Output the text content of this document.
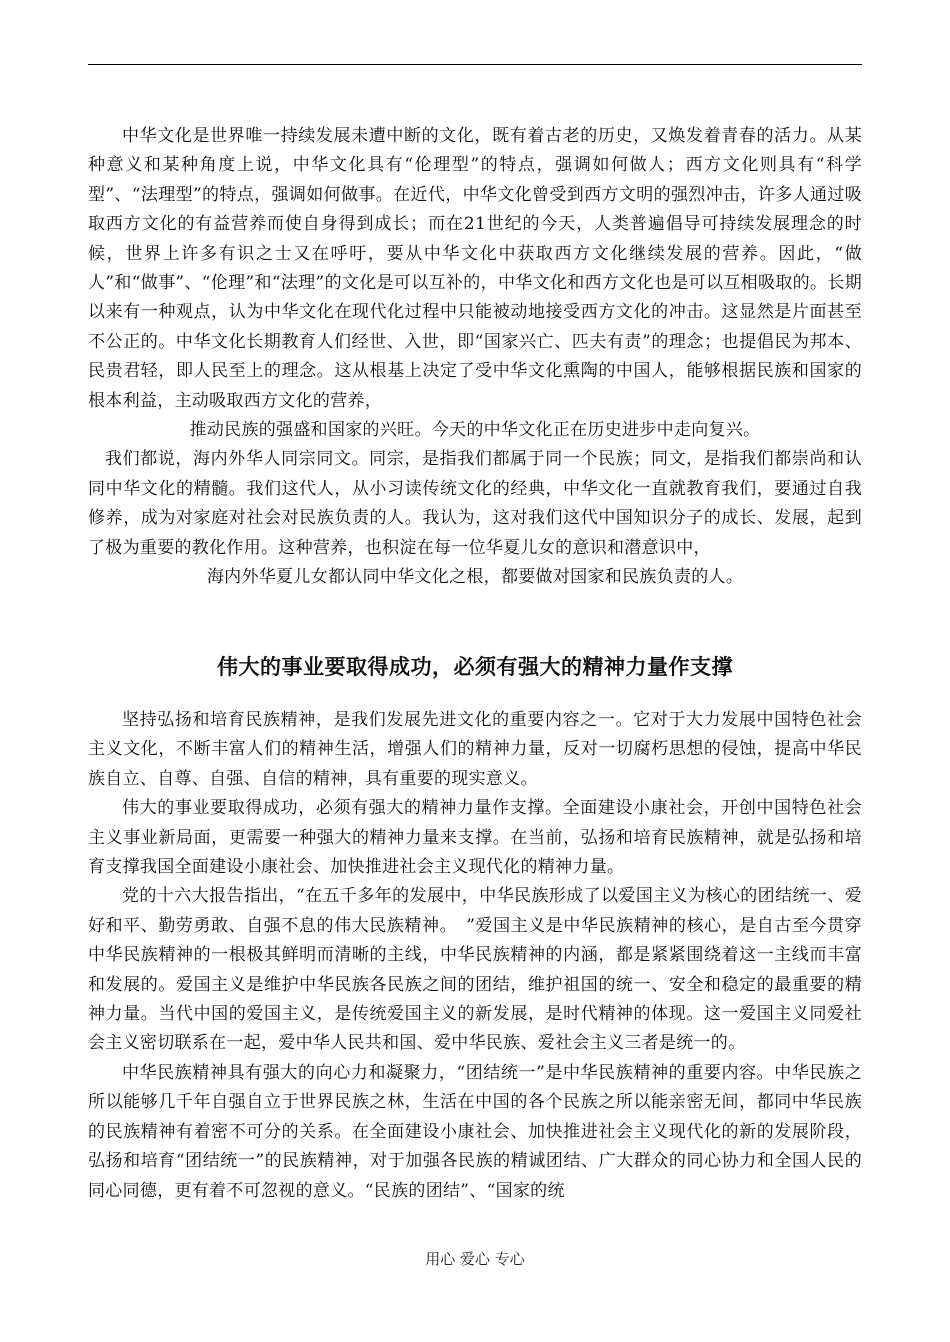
中华文化是世界唯一持续发展未遭中断的文化，既有着古老的历史，又焕发着青春的活力。从某种意义和某种角度上说，中华文化具有“伦理型”的特点，强调如何做人；西方文化则具有“科学型”、“法理型”的特点，强调如何做事。在近代，中华文化曾受到西方文明的强烈冲击，许多人通过吸取西方文化的有益营养而使自身得到成长；而在21世纪的今天，人类普遍倡导可持续发展理念的时候，世界上许多有识之士又在呼吁，要从中华文化中获取西方文化继续发展的营养。因此，“做人”和“做事”、“伦理”和“法理”的文化是可以互补的，中华文化和西方文化也是可以互相吸取的。长期以来有一种观点，认为中华文化在现代化过程中只能被动地接受西方文化的冲击。这显然是片面甚至不公正的。中华文化长期教育人们经世、入世，即“国家兴亡、匹夫有责”的理念；也提倡民为邦本、民贵君轻，即人民至上的理念。这从根基上决定了受中华文化熏陶的中国人，能够根据民族和国家的根本利益，主动吸取西方文化的营养，

推动民族的强盛和国家的兴旺。今天的中华文化正在历史进步中走向复兴。

我们都说，海内外华人同宗同文。同宗，是指我们都属于同一个民族；同文，是指我们都崇尚和认同中华文化的精髓。我们这代人，从小习读传统文化的经典，中华文化一直就教育我们，要通过自我修养，成为对家庭对社会对民族负责的人。我认为，这对我们这代中国知识分子的成长、发展，起到了极为重要的教化作用。这种营养，也积淀在每一位华夏儿女的意识和潜意识中，

海内外华夏儿女都认同中华文化之根，都要做对国家和民族负责的人。

伟大的事业要取得成功，必须有强大的精神力量作支撑

坚持弘扬和培育民族精神，是我们发展先进文化的重要内容之一。它对于大力发展中国特色社会主义文化，不断丰富人们的精神生活，增强人们的精神力量，反对一切腐朽思想的侵蚀，提高中华民族自立、自尊、自强、自信的精神，具有重要的现实意义。

伟大的事业要取得成功，必须有强大的精神力量作支撑。全面建设小康社会，开创中国特色社会主义事业新局面，更需要一种强大的精神力量来支撑。在当前，弘扬和培育民族精神，就是弘扬和培育支撑我国全面建设小康社会、加快推进社会主义现代化的精神力量。

党的十六大报告指出，“在五千多年的发展中，中华民族形成了以爱国主义为核心的团结统一、爱好和平、勤劳勇敢、自强不息的伟大民族精神。　”爱国主义是中华民族精神的核心，是自古至今贯穿中华民族精神的一根极其鲜明而清晰的主线，中华民族精神的内涵，都是紧紧围绕着这一主线而丰富和发展的。爱国主义是维护中华民族各民族之间的团结，维护祖国的统一、安全和稳定的最重要的精神力量。当代中国的爱国主义，是传统爱国主义的新发展，是时代精神的体现。这一爱国主义同爱社会主义密切联系在一起，爱中华人民共和国、爱中华民族、爱社会主义三者是统一的。

中华民族精神具有强大的向心力和凝聚力，“团结统一”是中华民族精神的重要内容。中华民族之所以能够几千年自强自立于世界民族之林，生活在中国的各个民族之所以能亲密无间，都同中华民族的民族精神有着密不可分的关系。在全面建设小康社会、加快推进社会主义现代化的新的发展阶段，弘扬和培育“团结统一”的民族精神，对于加强各民族的精诚团结、广大群众的同心协力和全国人民的同心同德，更有着不可忽视的意义。“民族的团结”、“国家的统

用心 爱心 专心
